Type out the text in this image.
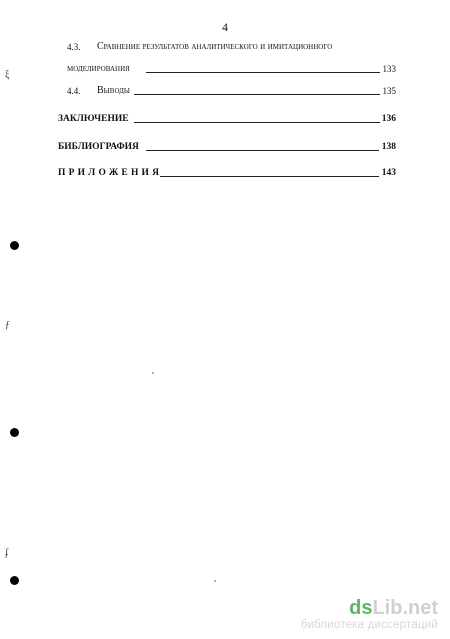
4
4.3. Сравнение результатов аналитического и имитационного
моделирования	133
4.4. Выводы	135
ЗАКЛЮЧЕНИЕ	136
БИБЛИОГРАФИЯ	138
ПРИЛОЖЕНИЯ	143
ξ
ƒ
ʄ
dsLib.net
библиотека диссертаций
